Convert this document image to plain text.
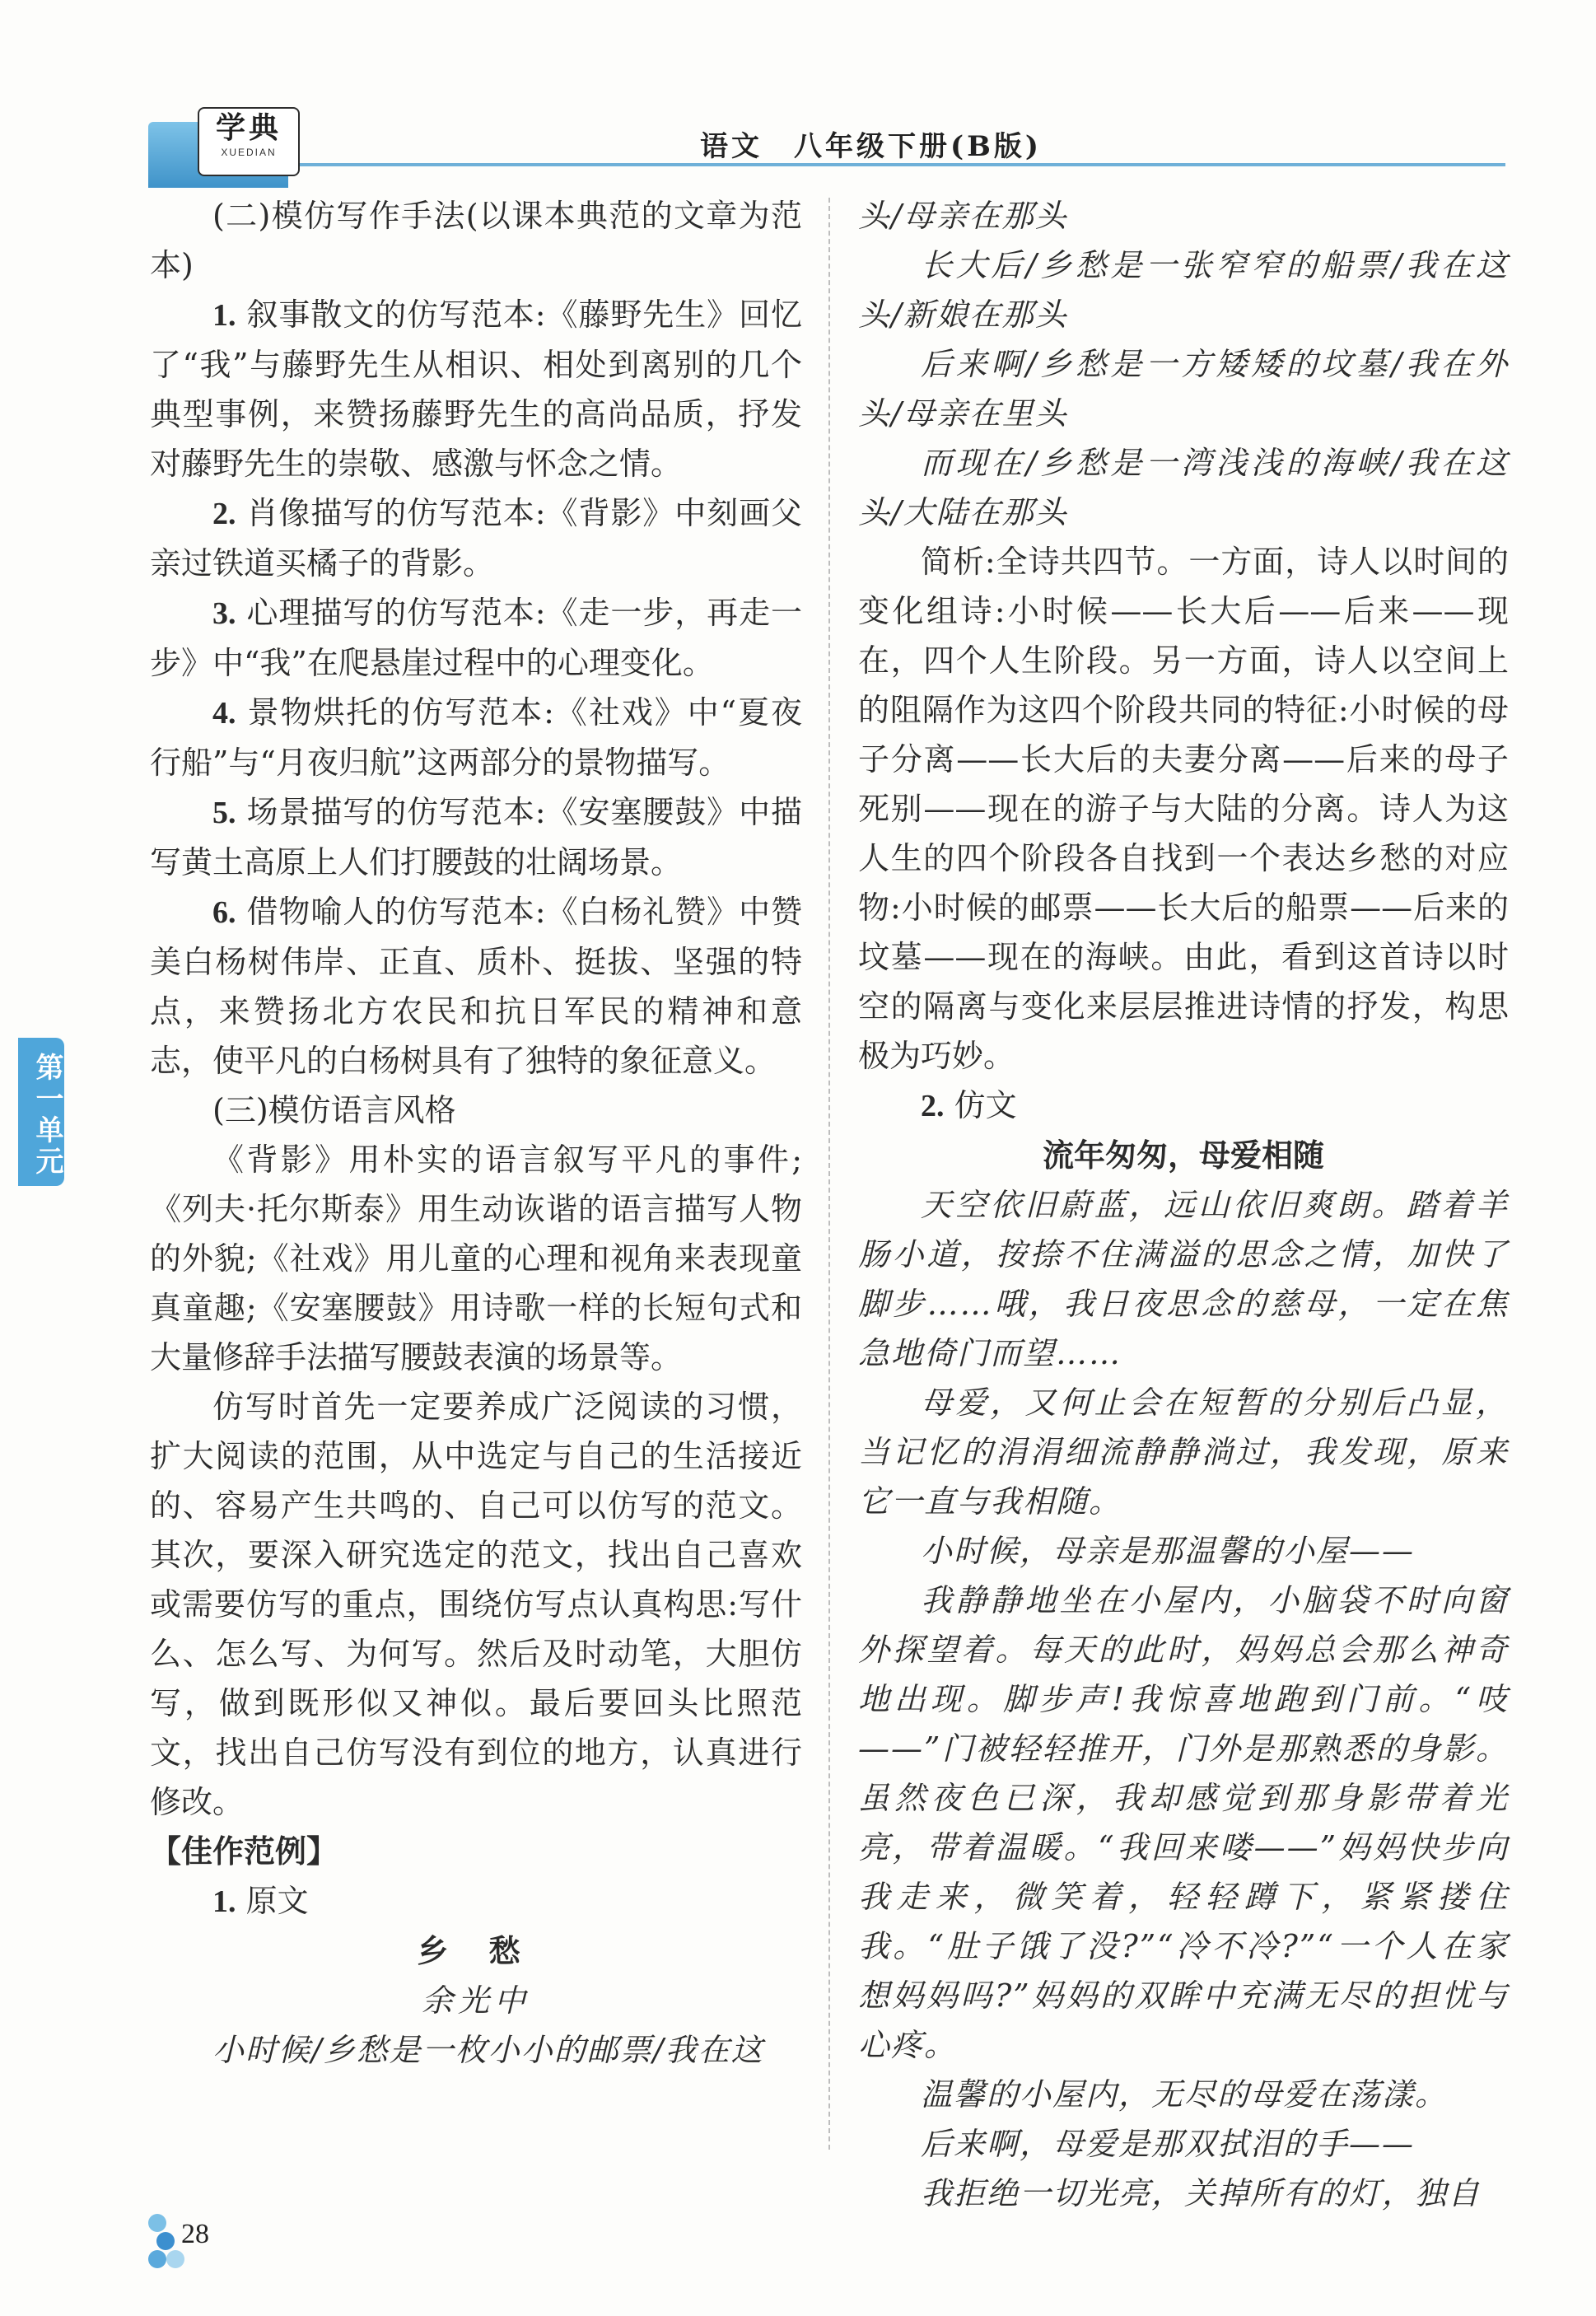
学典
XUEDIAN	语文　八年级下册(B版)

(二)模仿写作手法(以课本典范的文章为范本)

1. 叙事散文的仿写范本:《藤野先生》回忆了“我”与藤野先生从相识、相处到离别的几个典型事例，来赞扬藤野先生的高尚品质，抒发对藤野先生的崇敬、感激与怀念之情。

2. 肖像描写的仿写范本:《背影》中刻画父亲过铁道买橘子的背影。

3. 心理描写的仿写范本:《走一步，再走一步》中“我”在爬悬崖过程中的心理变化。

4. 景物烘托的仿写范本:《社戏》中“夏夜行船”与“月夜归航”这两部分的景物描写。

5. 场景描写的仿写范本:《安塞腰鼓》中描写黄土高原上人们打腰鼓的壮阔场景。

6. 借物喻人的仿写范本:《白杨礼赞》中赞美白杨树伟岸、正直、质朴、挺拔、坚强的特点，来赞扬北方农民和抗日军民的精神和意志，使平凡的白杨树具有了独特的象征意义。

(三)模仿语言风格

《背影》用朴实的语言叙写平凡的事件;《列夫·托尔斯泰》用生动诙谐的语言描写人物的外貌;《社戏》用儿童的心理和视角来表现童真童趣;《安塞腰鼓》用诗歌一样的长短句式和大量修辞手法描写腰鼓表演的场景等。

仿写时首先一定要养成广泛阅读的习惯，扩大阅读的范围，从中选定与自己的生活接近的、容易产生共鸣的、自己可以仿写的范文。其次，要深入研究选定的范文，找出自己喜欢或需要仿写的重点，围绕仿写点认真构思:写什么、怎么写、为何写。然后及时动笔，大胆仿写，做到既形似又神似。最后要回头比照范文，找出自己仿写没有到位的地方，认真进行修改。

【佳作范例】

1. 原文

乡 愁

余光中

小时候/乡愁是一枚小小的邮票/我在这

头/母亲在那头

长大后/乡愁是一张窄窄的船票/我在这头/新娘在那头

后来啊/乡愁是一方矮矮的坟墓/我在外头/母亲在里头

而现在/乡愁是一湾浅浅的海峡/我在这头/大陆在那头

简析:全诗共四节。一方面，诗人以时间的变化组诗:小时候——长大后——后来——现在，四个人生阶段。另一方面，诗人以空间上的阻隔作为这四个阶段共同的特征:小时候的母子分离——长大后的夫妻分离——后来的母子死别——现在的游子与大陆的分离。诗人为这人生的四个阶段各自找到一个表达乡愁的对应物:小时候的邮票——长大后的船票——后来的坟墓——现在的海峡。由此，看到这首诗以时空的隔离与变化来层层推进诗情的抒发，构思极为巧妙。

2. 仿文

流年匆匆，母爱相随

天空依旧蔚蓝，远山依旧爽朗。踏着羊肠小道，按捺不住满溢的思念之情，加快了脚步……哦，我日夜思念的慈母，一定在焦急地倚门而望……

母爱，又何止会在短暂的分别后凸显，当记忆的涓涓细流静静淌过，我发现，原来它一直与我相随。

小时候，母亲是那温馨的小屋——

我静静地坐在小屋内，小脑袋不时向窗外探望着。每天的此时，妈妈总会那么神奇地出现。脚步声!我惊喜地跑到门前。“吱——”门被轻轻推开，门外是那熟悉的身影。虽然夜色已深，我却感觉到那身影带着光亮，带着温暖。“我回来喽——”妈妈快步向我走来，微笑着，轻轻蹲下，紧紧搂住我。“肚子饿了没?”“冷不冷?”“一个人在家想妈妈吗?”妈妈的双眸中充满无尽的担忧与心疼。

温馨的小屋内，无尽的母爱在荡漾。

后来啊，母爱是那双拭泪的手——

我拒绝一切光亮，关掉所有的灯，独自

第一单元
28
